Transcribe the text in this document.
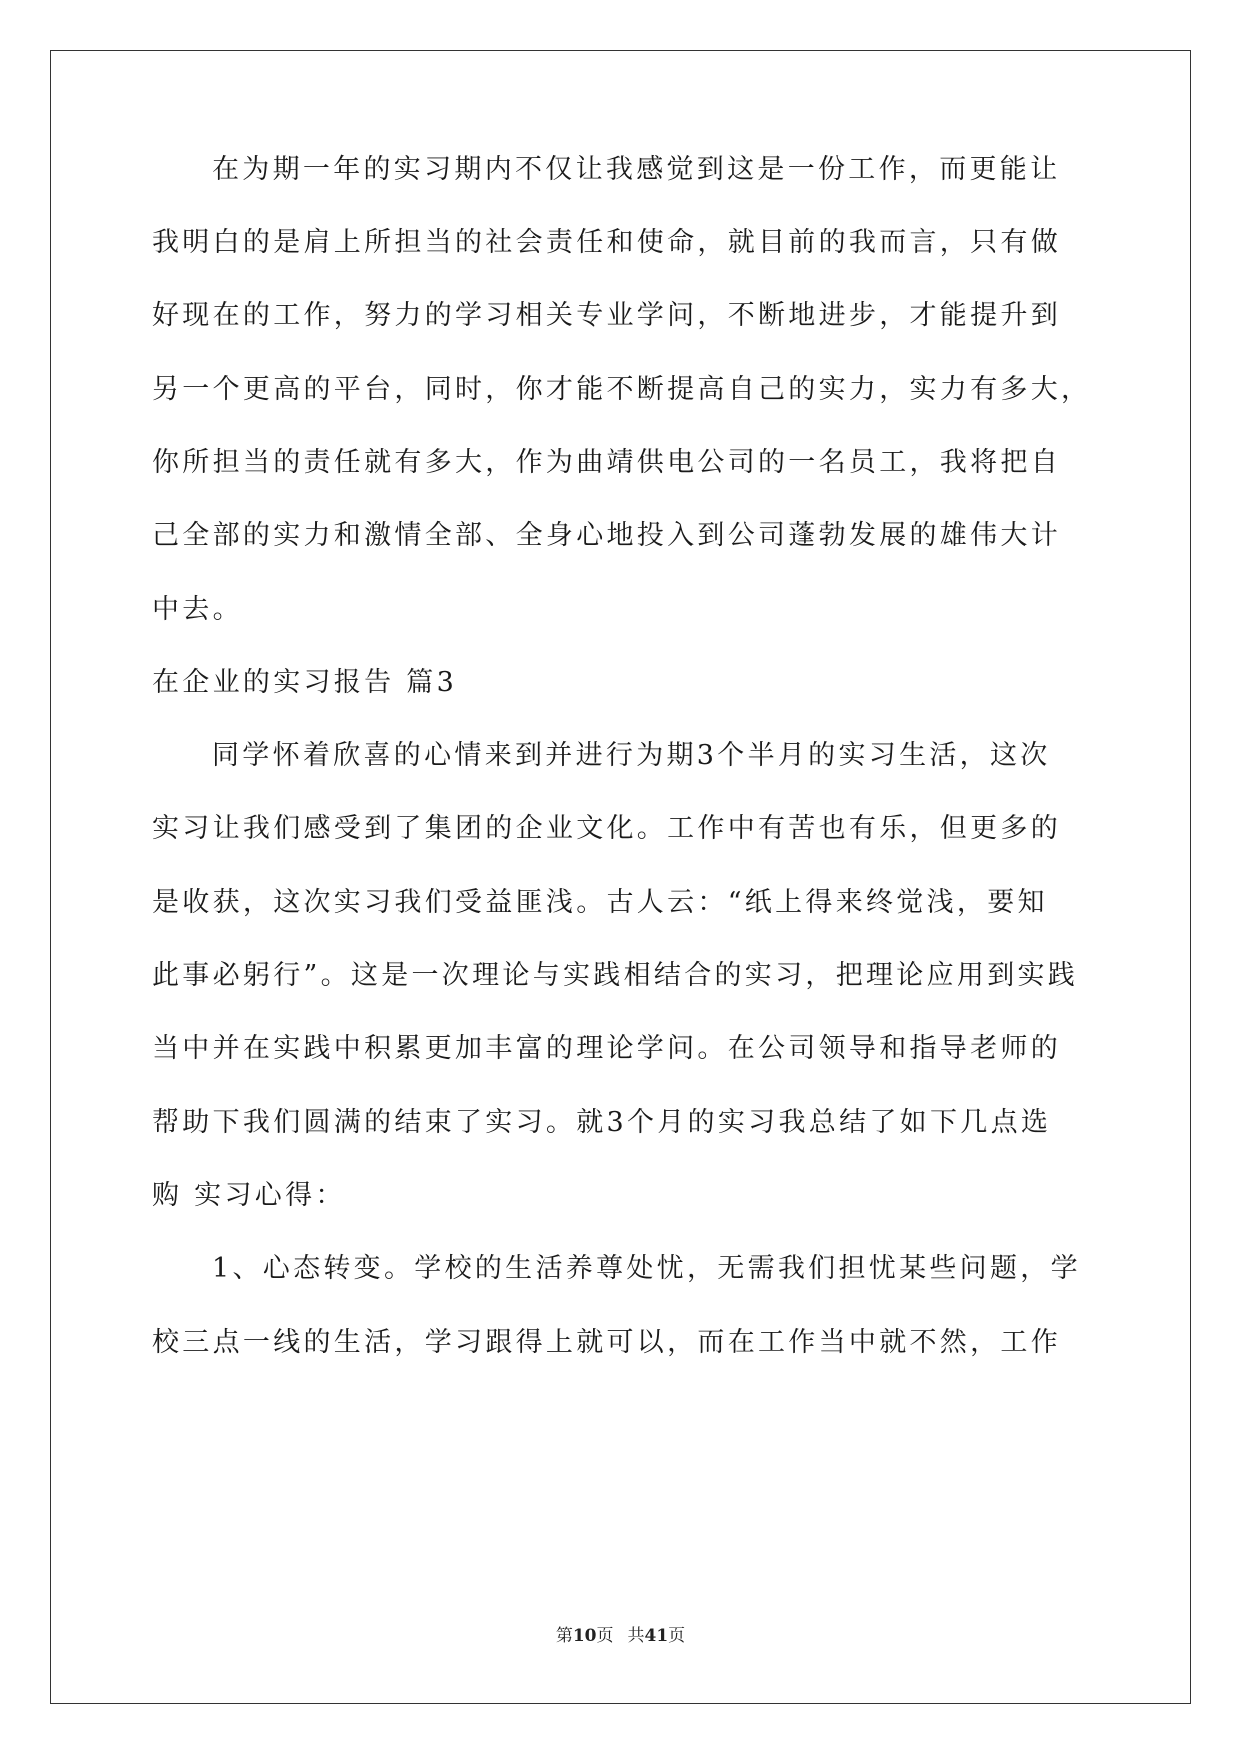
在为期一年的实习期内不仅让我感觉到这是一份工作，而更能让
我明白的是肩上所担当的社会责任和使命，就目前的我而言，只有做
好现在的工作，努力的学习相关专业学问，不断地进步，才能提升到
另一个更高的平台，同时，你才能不断提高自己的实力，实力有多大，
你所担当的责任就有多大，作为曲靖供电公司的一名员工，我将把自
己全部的实力和激情全部、全身心地投入到公司蓬勃发展的雄伟大计
中去。
在企业的实习报告 篇3
同学怀着欣喜的心情来到并进行为期3个半月的实习生活，这次
实习让我们感受到了集团的企业文化。工作中有苦也有乐，但更多的
是收获，这次实习我们受益匪浅。古人云：“纸上得来终觉浅，要知
此事必躬行”。这是一次理论与实践相结合的实习，把理论应用到实践
当中并在实践中积累更加丰富的理论学问。在公司领导和指导老师的
帮助下我们圆满的结束了实习。就3个月的实习我总结了如下几点选
购 实习心得：
1、心态转变。学校的生活养尊处忧，无需我们担忧某些问题，学
校三点一线的生活，学习跟得上就可以，而在工作当中就不然，工作
第10页 共41页
